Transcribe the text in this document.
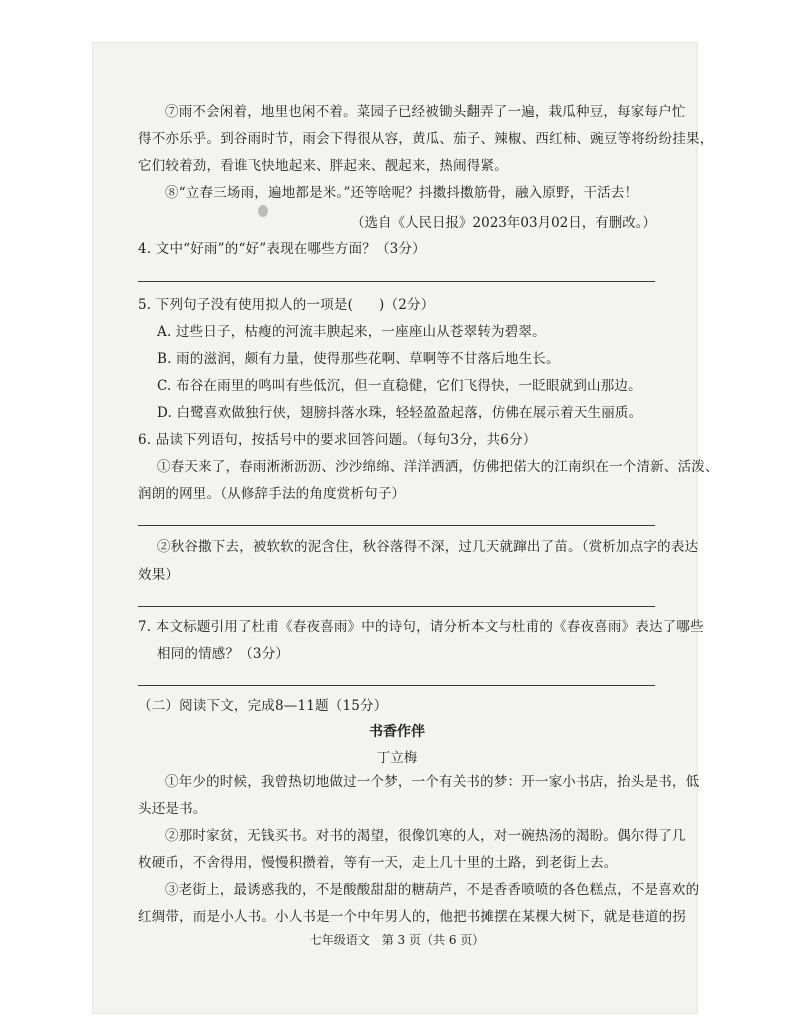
⑦雨不会闲着，地里也闲不着。菜园子已经被锄头翻弄了一遍，栽瓜种豆，每家每户忙
得不亦乐乎。到谷雨时节，雨会下得很从容，黄瓜、茄子、辣椒、西红柿、豌豆等将纷纷挂果，
它们较着劲，看谁飞快地起来、胖起来、靓起来，热闹得紧。
⑧“立春三场雨，遍地都是米。”还等啥呢？抖擞抖擞筋骨，融入原野，干活去！
（选自《人民日报》2023年03月02日，有删改。）
4. 文中“好雨”的“好”表现在哪些方面？（3分）
5. 下列句子没有使用拟人的一项是( )（2分）
A. 过些日子，枯瘦的河流丰腴起来，一座座山从苍翠转为碧翠。
B. 雨的滋润，颇有力量，使得那些花啊、草啊等不甘落后地生长。
C. 布谷在雨里的鸣叫有些低沉，但一直稳健，它们飞得快，一眨眼就到山那边。
D. 白鹭喜欢做独行侠，翅膀抖落水珠，轻轻盈盈起落，仿佛在展示着天生丽质。
6. 品读下列语句，按括号中的要求回答问题。（每句3分，共6分）
①春天来了，春雨淅淅沥沥、沙沙绵绵、洋洋洒洒，仿佛把偌大的江南织在一个清新、活泼、
润朗的网里。（从修辞手法的角度赏析句子）
②秋谷撒下去，被软软的泥含住，秋谷落得不深，过几天就蹿出了苗。（赏析加点字的表达
效果）
7. 本文标题引用了杜甫《春夜喜雨》中的诗句，请分析本文与杜甫的《春夜喜雨》表达了哪些
相同的情感？（3分）
（二）阅读下文，完成8—11题（15分）
书香作伴
丁立梅
①年少的时候，我曾热切地做过一个梦，一个有关书的梦：开一家小书店，抬头是书，低
头还是书。
②那时家贫，无钱买书。对书的渴望，很像饥寒的人，对一碗热汤的渴盼。偶尔得了几
枚硬币，不舍得用，慢慢积攒着，等有一天，走上几十里的土路，到老街上去。
③老街上，最诱惑我的，不是酸酸甜甜的糖葫芦，不是香香喷喷的各色糕点，不是喜欢的
红绸带，而是小人书。小人书是一个中年男人的，他把书摊摆在某棵大树下，就是巷道的拐
七年级语文　第 3 页（共 6 页）
